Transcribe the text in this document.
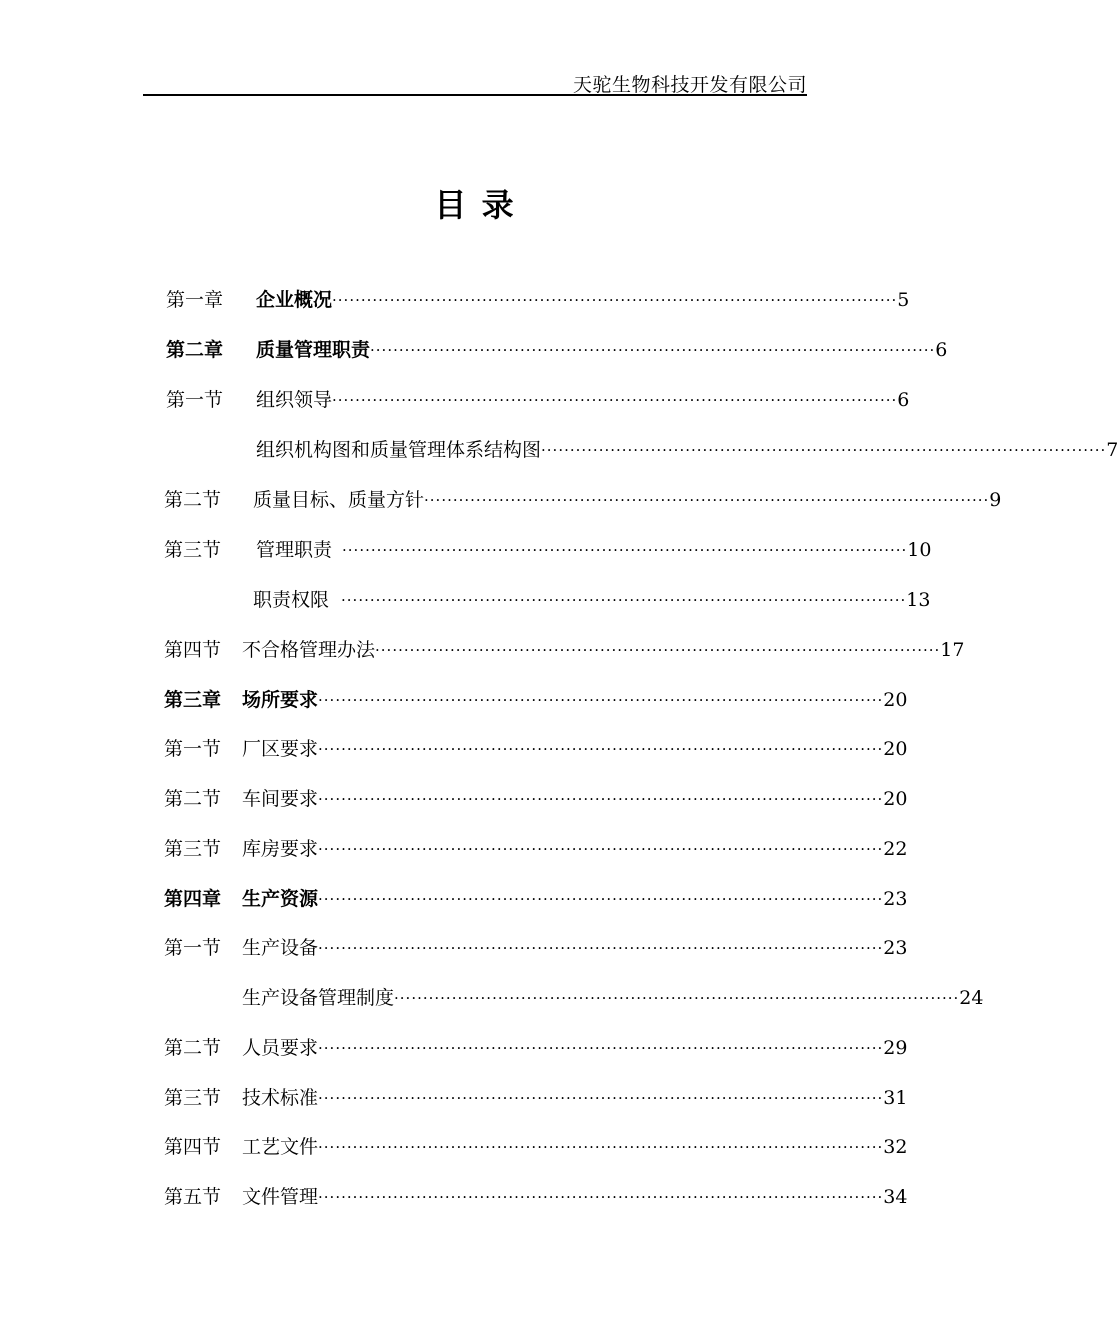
天驼生物科技开发有限公司
目 录
第一章	企业概况 ·································································································· 5
第二章	质量管理职责 ·································································································· 6
第一节	组织领导 ·································································································· 6
组织机构图和质量管理体系结构图 ·································································································· 7
第二节	质量目标、质量方针 ·································································································· 9
第三节	管理职责 ·································································································· 10
职责权限 ·································································································· 13
第四节	不合格管理办法 ·································································································· 17
第三章	场所要求 ·································································································· 20
第一节	厂区要求 ·································································································· 20
第二节	车间要求 ·································································································· 20
第三节	库房要求 ·································································································· 22
第四章	生产资源 ·································································································· 23
第一节	生产设备 ·································································································· 23
生产设备管理制度 ·································································································· 24
第二节	人员要求 ·································································································· 29
第三节	技术标准 ·································································································· 31
第四节	工艺文件 ·································································································· 32
第五节	文件管理 ·································································································· 34
